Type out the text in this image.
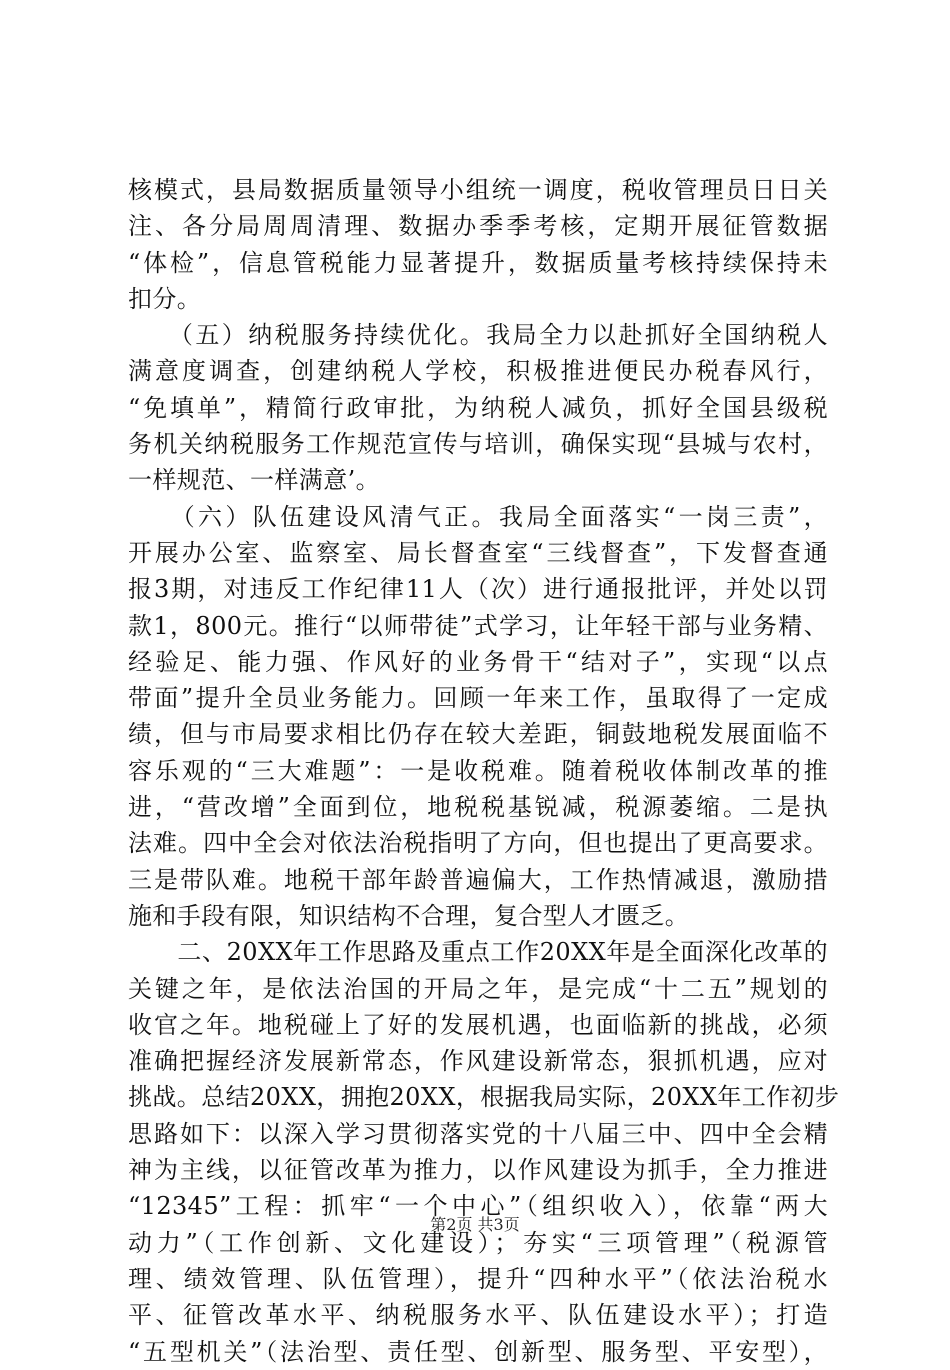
核模式，县局数据质量领导小组统一调度，税收管理员日日关
注、各分局周周清理、数据办季季考核，定期开展征管数据
“体检”，信息管税能力显著提升，数据质量考核持续保持未
扣分。
　　（五）纳税服务持续优化。我局全力以赴抓好全国纳税人
满意度调查，创建纳税人学校，积极推进便民办税春风行，
“免填单”，精简行政审批，为纳税人减负，抓好全国县级税
务机关纳税服务工作规范宣传与培训，确保实现“县城与农村，
一样规范、一样满意’。
　　（六）队伍建设风清气正。我局全面落实“一岗三责”，
开展办公室、监察室、局长督查室“三线督查”，下发督查通
报3期，对违反工作纪律11人（次）进行通报批评，并处以罚
款1，800元。推行“以师带徒”式学习，让年轻干部与业务精、
经验足、能力强、作风好的业务骨干“结对子”，实现“以点
带面”提升全员业务能力。回顾一年来工作，虽取得了一定成
绩，但与市局要求相比仍存在较大差距，铜鼓地税发展面临不
容乐观的“三大难题”：一是收税难。随着税收体制改革的推
进，“营改增”全面到位，地税税基锐减，税源萎缩。二是执
法难。四中全会对依法治税指明了方向，但也提出了更高要求。
三是带队难。地税干部年龄普遍偏大，工作热情减退，激励措
施和手段有限，知识结构不合理，复合型人才匮乏。
　　二、20XX年工作思路及重点工作20XX年是全面深化改革的
关键之年，是依法治国的开局之年，是完成“十二五”规划的
收官之年。地税碰上了好的发展机遇，也面临新的挑战，必须
准确把握经济发展新常态，作风建设新常态，狠抓机遇，应对
挑战。总结20XX，拥抱20XX，根据我局实际，20XX年工作初步
思路如下：以深入学习贯彻落实党的十八届三中、四中全会精
神为主线，以征管改革为推力，以作风建设为抓手，全力推进
“12345”工程：抓牢“一个中心”（组织收入），依靠“两大
动力”（工作创新、文化建设）；夯实“三项管理”（税源管
理、绩效管理、队伍管理），提升“四种水平”（依法治税水
平、征管改革水平、纳税服务水平、队伍建设水平）；打造
“五型机关”（法治型、责任型、创新型、服务型、平安型），
第2页 共3页
